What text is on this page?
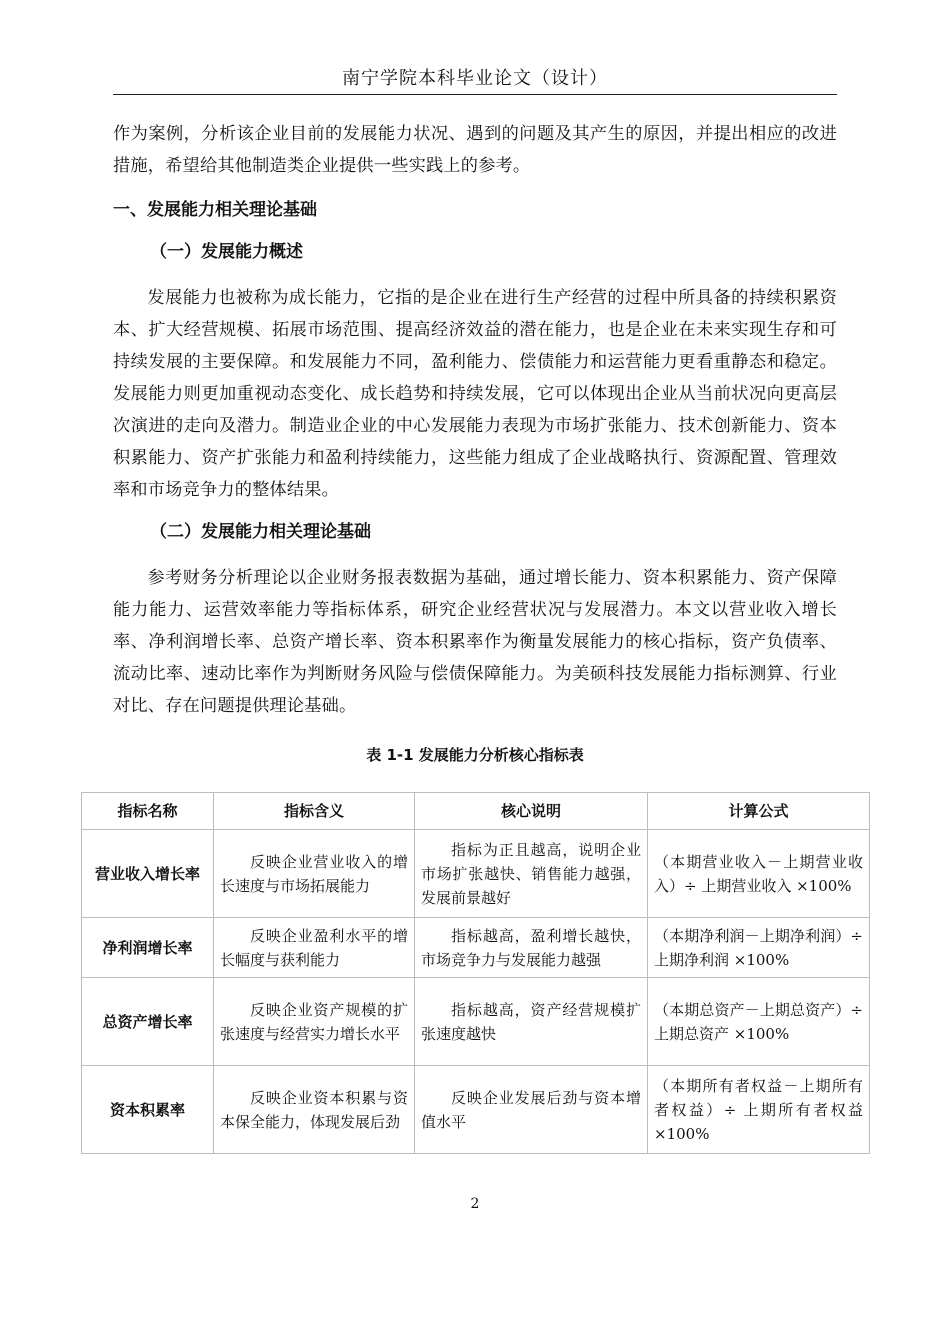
南宁学院本科毕业论文（设计）
作为案例，分析该企业目前的发展能力状况、遇到的问题及其产生的原因，并提出相应的改进措施，希望给其他制造类企业提供一些实践上的参考。
一、发展能力相关理论基础
（一）发展能力概述
发展能力也被称为成长能力，它指的是企业在进行生产经营的过程中所具备的持续积累资本、扩大经营规模、拓展市场范围、提高经济效益的潜在能力，也是企业在未来实现生存和可持续发展的主要保障。和发展能力不同，盈利能力、偿债能力和运营能力更看重静态和稳定。发展能力则更加重视动态变化、成长趋势和持续发展，它可以体现出企业从当前状况向更高层次演进的走向及潜力。制造业企业的中心发展能力表现为市场扩张能力、技术创新能力、资本积累能力、资产扩张能力和盈利持续能力，这些能力组成了企业战略执行、资源配置、管理效率和市场竞争力的整体结果。
（二）发展能力相关理论基础
参考财务分析理论以企业财务报表数据为基础，通过增长能力、资本积累能力、资产保障能力能力、运营效率能力等指标体系，研究企业经营状况与发展潜力。本文以营业收入增长率、净利润增长率、总资产增长率、资本积累率作为衡量发展能力的核心指标，资产负债率、流动比率、速动比率作为判断财务风险与偿债保障能力。为美硕科技发展能力指标测算、行业对比、存在问题提供理论基础。
表 1-1 发展能力分析核心指标表
指标名称	指标含义	核心说明	计算公式
营业收入增长率	反映企业营业收入的增长速度与市场拓展能力	指标为正且越高，说明企业市场扩张越快、销售能力越强，发展前景越好	（本期营业收入－上期营业收入）÷ 上期营业收入 ×100%
净利润增长率	反映企业盈利水平的增长幅度与获利能力	指标越高，盈利增长越快，市场竞争力与发展能力越强	（本期净利润－上期净利润）÷ 上期净利润 ×100%
总资产增长率	反映企业资产规模的扩张速度与经营实力增长水平	指标越高，资产经营规模扩张速度越快	（本期总资产－上期总资产）÷ 上期总资产 ×100%
资本积累率	反映企业资本积累与资本保全能力，体现发展后劲	反映企业发展后劲与资本增值水平	（本期所有者权益－上期所有者权益）÷ 上期所有者权益 ×100%
2
